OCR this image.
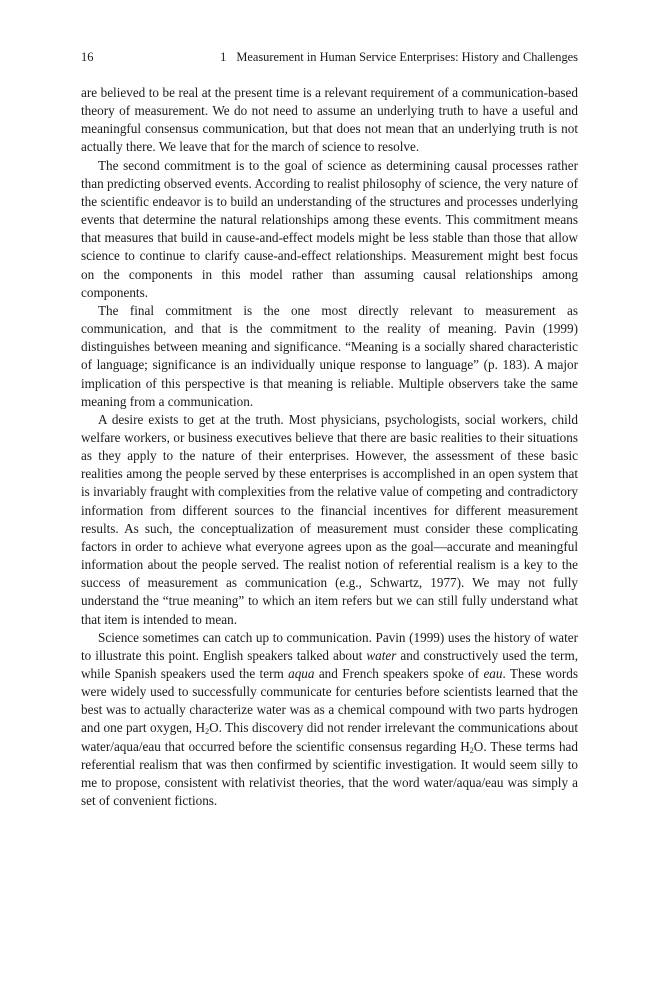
16	1 Measurement in Human Service Enterprises: History and Challenges

are believed to be real at the present time is a relevant requirement of a communication-based theory of measurement. We do not need to assume an underlying truth to have a useful and meaningful consensus communication, but that does not mean that an underlying truth is not actually there. We leave that for the march of science to resolve.

The second commitment is to the goal of science as determining causal processes rather than predicting observed events. According to realist philosophy of science, the very nature of the scientific endeavor is to build an understanding of the structures and processes underlying events that determine the natural relationships among these events. This commitment means that measures that build in cause-and-effect models might be less stable than those that allow science to continue to clarify cause-and-effect relationships. Measurement might best focus on the components in this model rather than assuming causal relationships among components.

The final commitment is the one most directly relevant to measurement as communication, and that is the commitment to the reality of meaning. Pavin (1999) distinguishes between meaning and significance. “Meaning is a socially shared characteristic of language; significance is an individually unique response to language” (p. 183). A major implication of this perspective is that meaning is reliable. Multiple observers take the same meaning from a communication.

A desire exists to get at the truth. Most physicians, psychologists, social workers, child welfare workers, or business executives believe that there are basic realities to their situations as they apply to the nature of their enterprises. However, the assessment of these basic realities among the people served by these enterprises is accomplished in an open system that is invariably fraught with complexities from the relative value of competing and contradictory information from different sources to the financial incentives for different measurement results. As such, the conceptualization of measurement must consider these complicating factors in order to achieve what everyone agrees upon as the goal—accurate and meaningful information about the people served. The realist notion of referential realism is a key to the success of measurement as communication (e.g., Schwartz, 1977). We may not fully understand the “true meaning” to which an item refers but we can still fully understand what that item is intended to mean.

Science sometimes can catch up to communication. Pavin (1999) uses the history of water to illustrate this point. English speakers talked about water and constructively used the term, while Spanish speakers used the term aqua and French speakers spoke of eau. These words were widely used to successfully communicate for centuries before scientists learned that the best was to actually characterize water was as a chemical compound with two parts hydrogen and one part oxygen, $H_2O$. This discovery did not render irrelevant the communications about water/aqua/eau that occurred before the scientific consensus regarding $H_2O$. These terms had referential realism that was then confirmed by scientific investigation. It would seem silly to me to propose, consistent with relativist theories, that the word water/aqua/eau was simply a set of convenient fictions.
